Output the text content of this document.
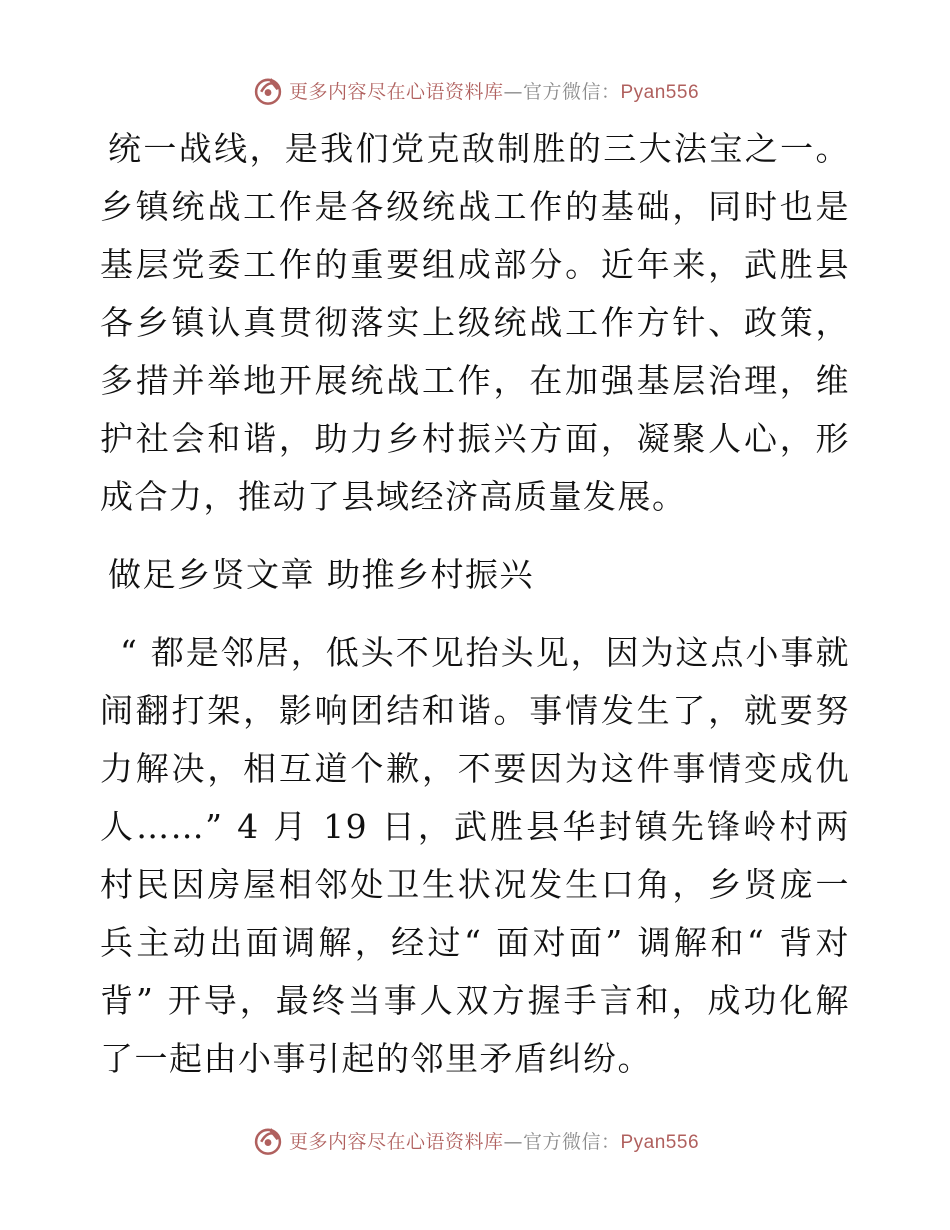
更多内容尽在心语资料库—官方微信：Pyan556

统一战线，是我们党克敌制胜的三大法宝之一。乡镇统战工作是各级统战工作的基础，同时也是基层党委工作的重要组成部分。近年来，武胜县各乡镇认真贯彻落实上级统战工作方针、政策，多措并举地开展统战工作，在加强基层治理，维护社会和谐，助力乡村振兴方面，凝聚人心，形成合力，推动了县域经济高质量发展。

做足乡贤文章 助推乡村振兴

“ 都是邻居，低头不见抬头见，因为这点小事就闹翻打架，影响团结和谐。事情发生了，就要努力解决，相互道个歉，不要因为这件事情变成仇人……” 4 月 19 日，武胜县华封镇先锋岭村两村民因房屋相邻处卫生状况发生口角，乡贤庞一兵主动出面调解，经过“ 面对面” 调解和“ 背对背” 开导，最终当事人双方握手言和，成功化解了一起由小事引起的邻里矛盾纠纷。

更多内容尽在心语资料库—官方微信：Pyan556
